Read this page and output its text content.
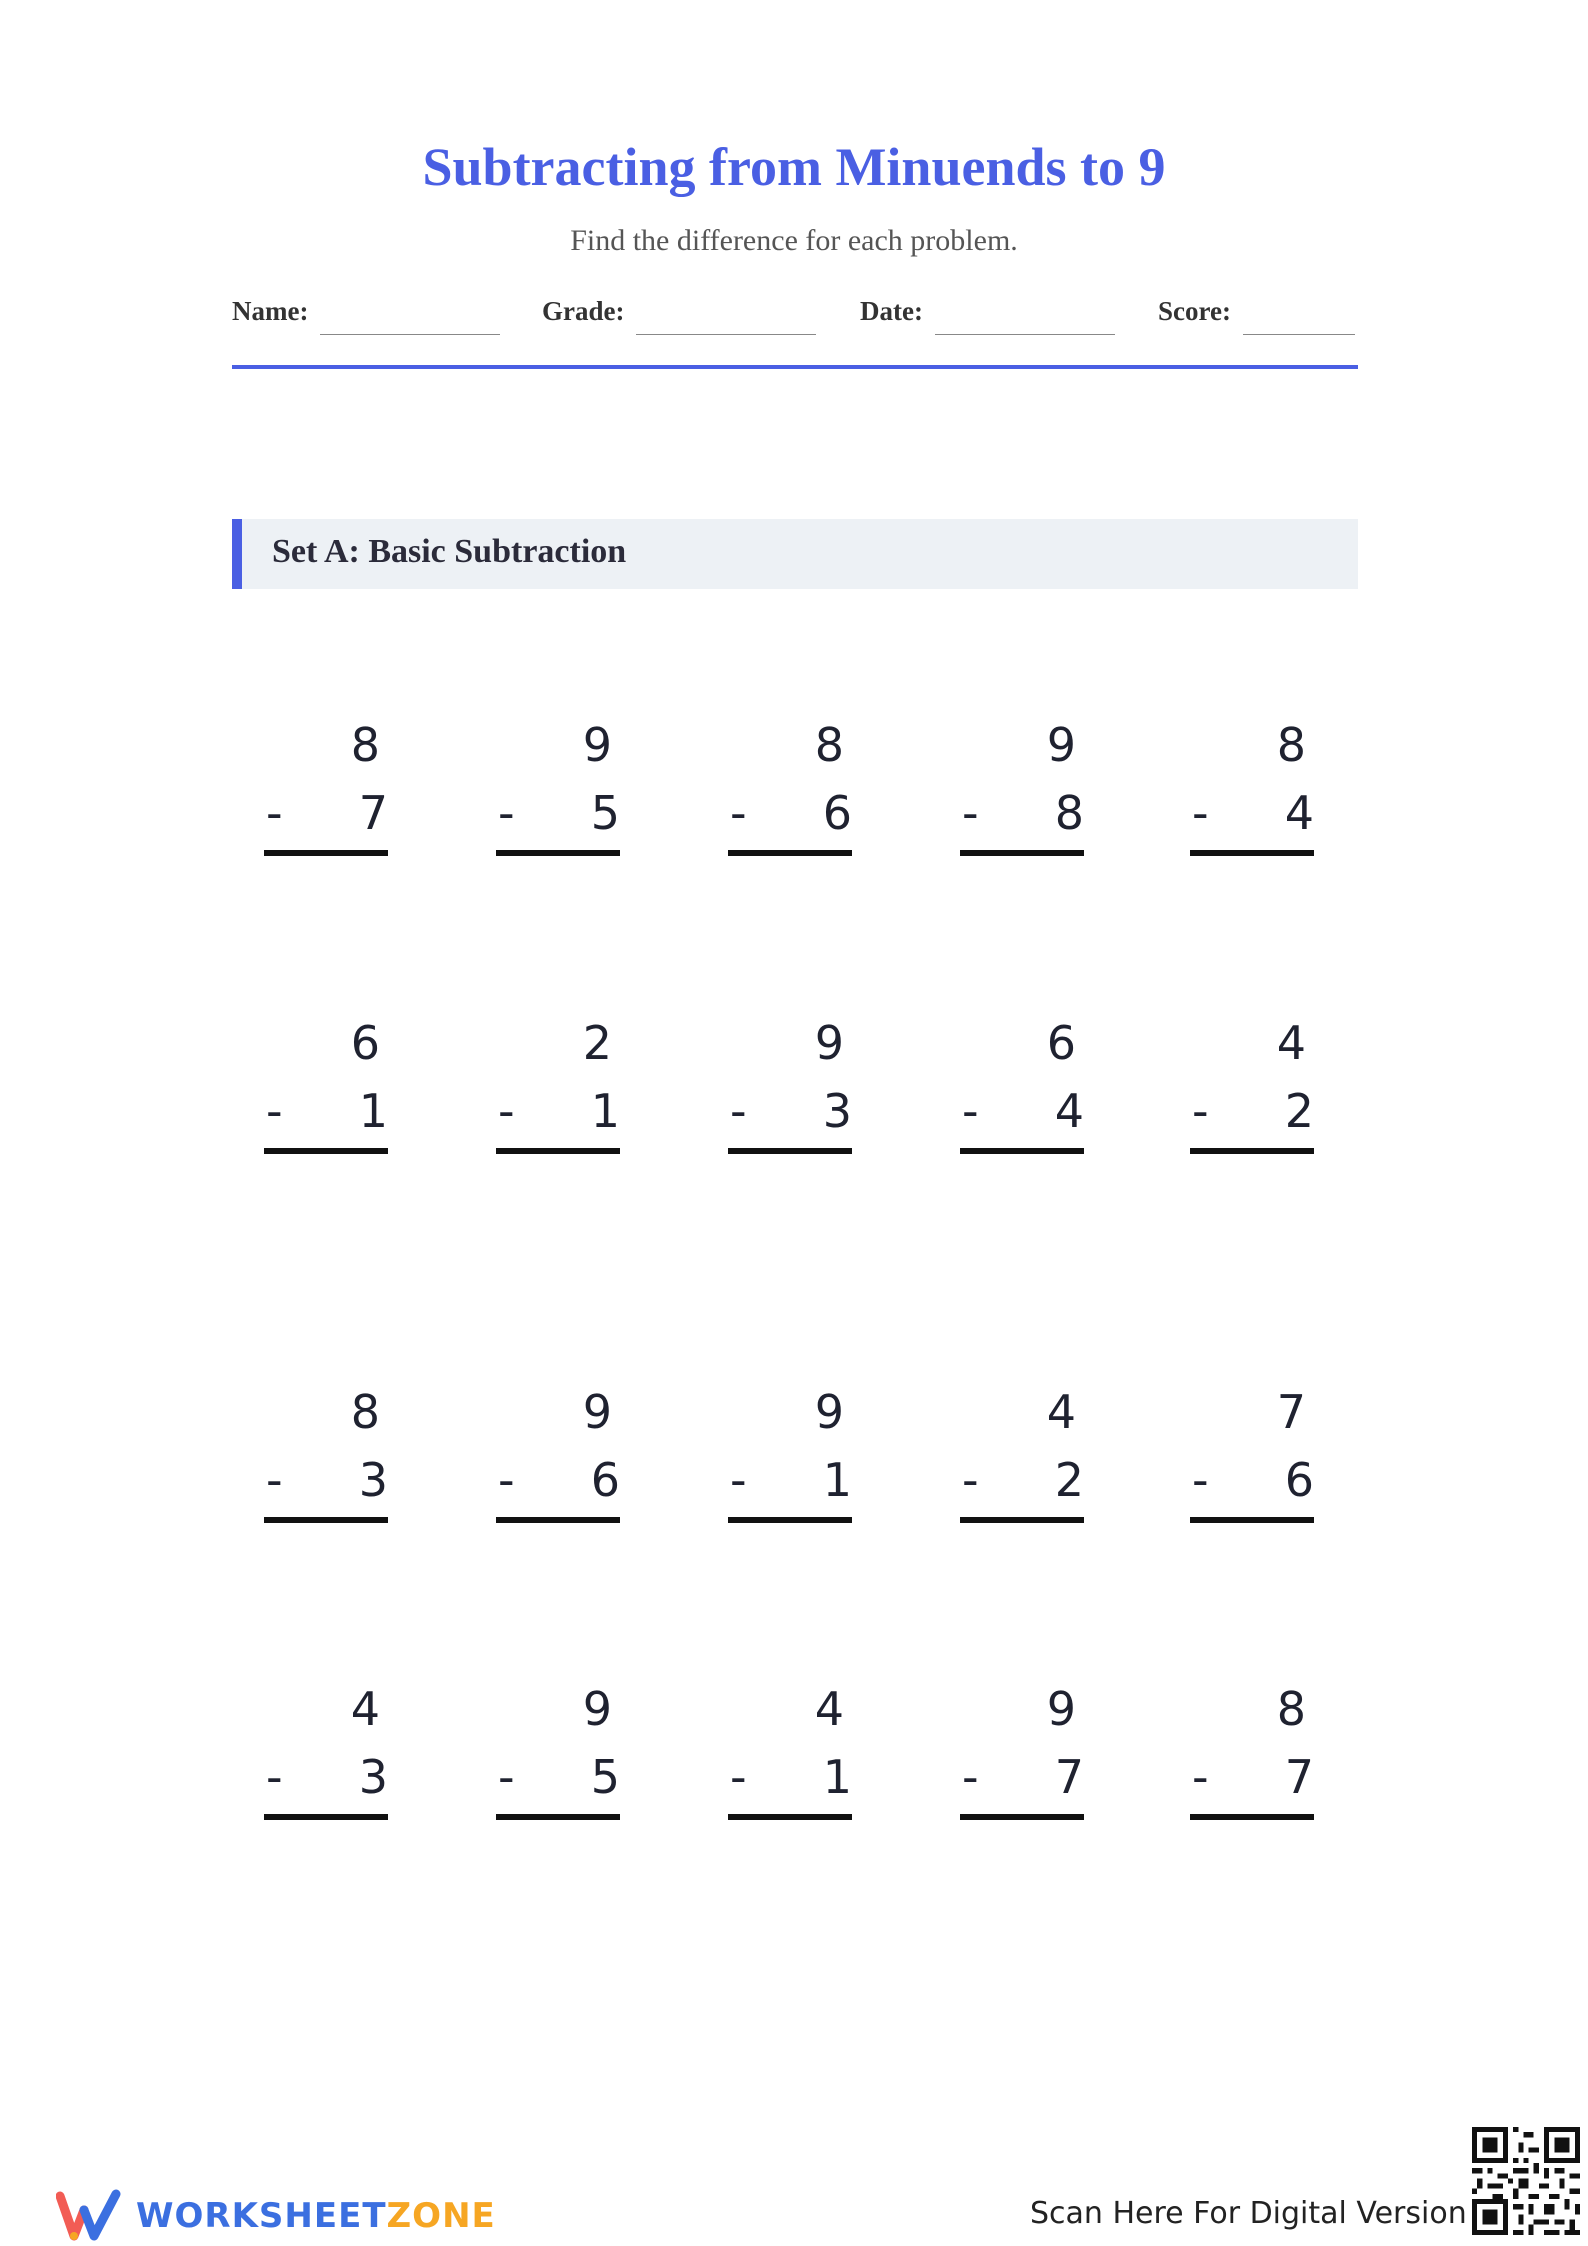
Subtracting from Minuends to 9
Find the difference for each problem.
Name:	Grade:	Date:	Score:
Set A: Basic Subtraction
8
- 7
9
- 5
8
- 6
9
- 8
8
- 4
6
- 1
2
- 1
9
- 3
6
- 4
4
- 2
8
- 3
9
- 6
9
- 1
4
- 2
7
- 6
4
- 3
9
- 5
4
- 1
9
- 7
8
- 7
WORKSHEETZONE	Scan Here For Digital Version
